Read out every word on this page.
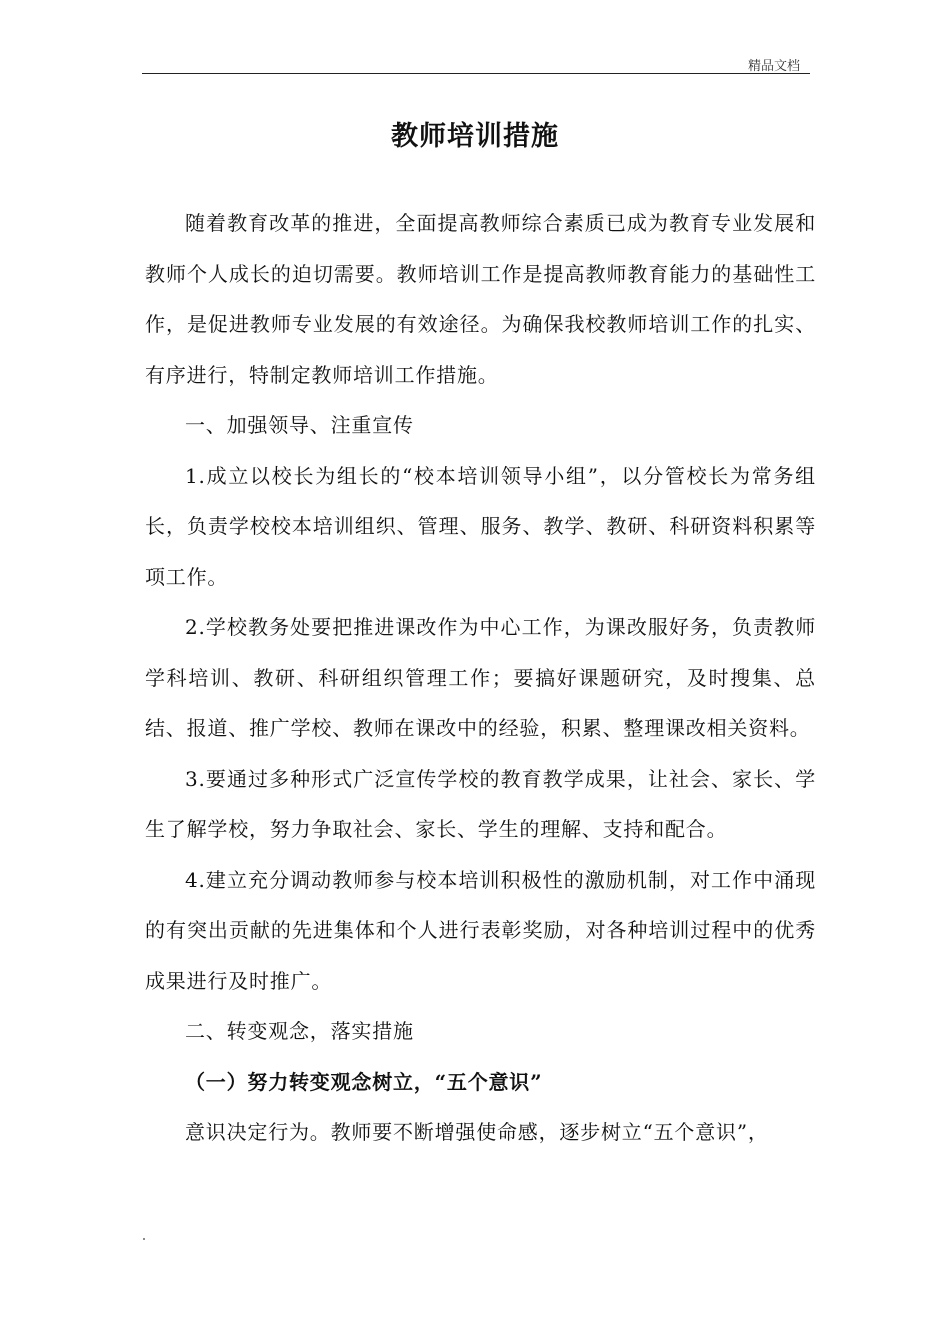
精品文档
教师培训措施

随着教育改革的推进，全面提高教师综合素质已成为教育专业发展和教师个人成长的迫切需要。教师培训工作是提高教师教育能力的基础性工作，是促进教师专业发展的有效途径。为确保我校教师培训工作的扎实、有序进行，特制定教师培训工作措施。

一、加强领导、注重宣传

1.成立以校长为组长的“校本培训领导小组”，以分管校长为常务组长，负责学校校本培训组织、管理、服务、教学、教研、科研资料积累等项工作。

2.学校教务处要把推进课改作为中心工作，为课改服好务，负责教师学科培训、教研、科研组织管理工作；要搞好课题研究，及时搜集、总结、报道、推广学校、教师在课改中的经验，积累、整理课改相关资料。

3.要通过多种形式广泛宣传学校的教育教学成果，让社会、家长、学生了解学校，努力争取社会、家长、学生的理解、支持和配合。

4.建立充分调动教师参与校本培训积极性的激励机制，对工作中涌现的有突出贡献的先进集体和个人进行表彰奖励，对各种培训过程中的优秀成果进行及时推广。

二、转变观念，落实措施

（一）努力转变观念树立，“五个意识”

意识决定行为。教师要不断增强使命感，逐步树立“五个意识”，
